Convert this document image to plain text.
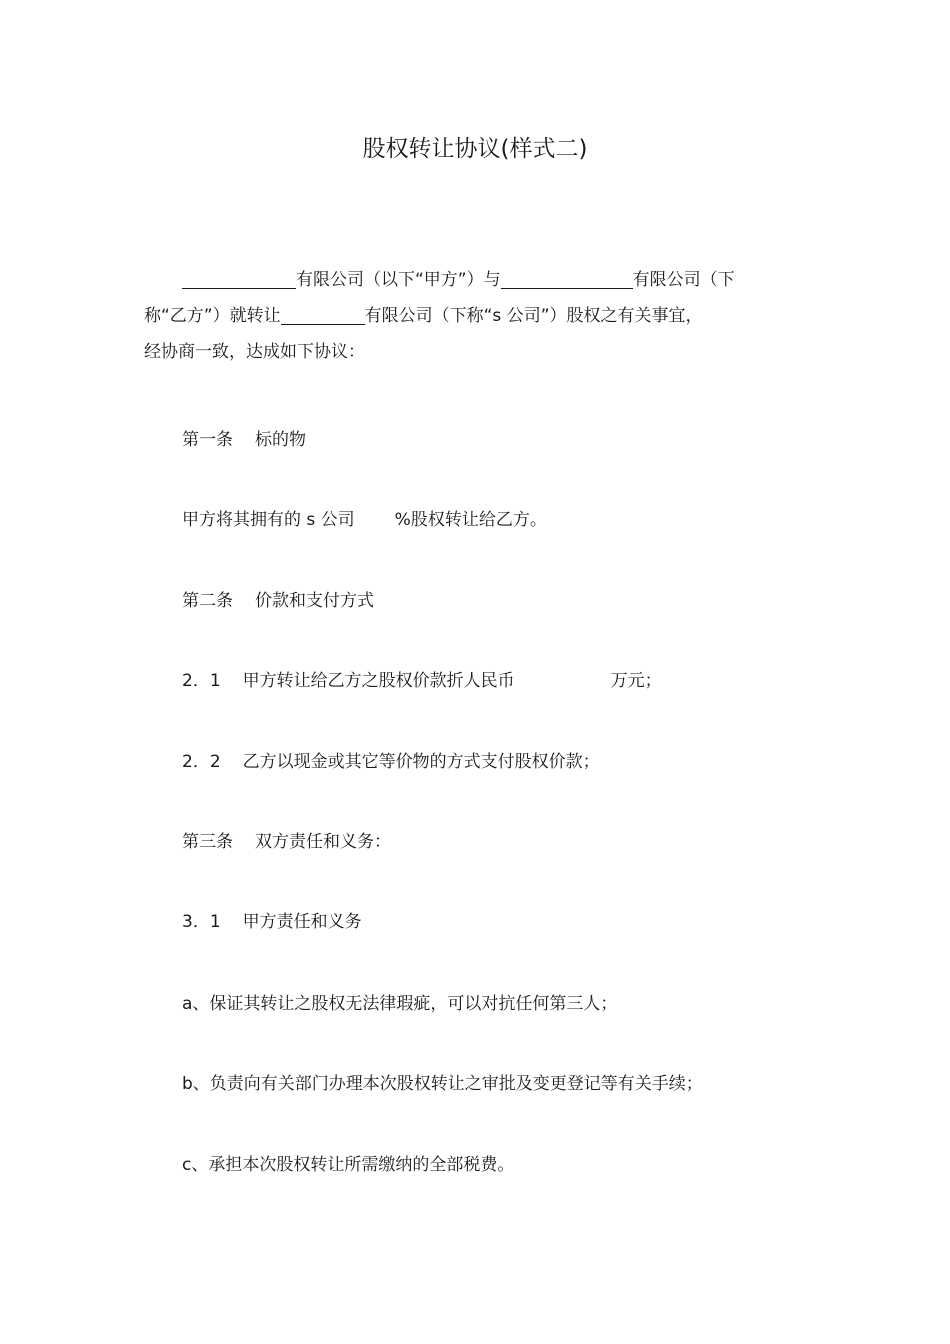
股权转让协议(样式二)
有限公司（以下“甲方”）与	有限公司（下
称“乙方”）就转让	有限公司（下称“s 公司”）股权之有关事宜，
经协商一致，达成如下协议：
第一条 标的物
甲方将其拥有的 s 公司 %股权转让给乙方。
第二条 价款和支付方式
2．1 甲方转让给乙方之股权价款折人民币	万元；
2．2 乙方以现金或其它等价物的方式支付股权价款；
第三条 双方责任和义务：
3．1 甲方责任和义务
a、保证其转让之股权无法律瑕疵，可以对抗任何第三人；
b、负责向有关部门办理本次股权转让之审批及变更登记等有关手续；
c、承担本次股权转让所需缴纳的全部税费。
